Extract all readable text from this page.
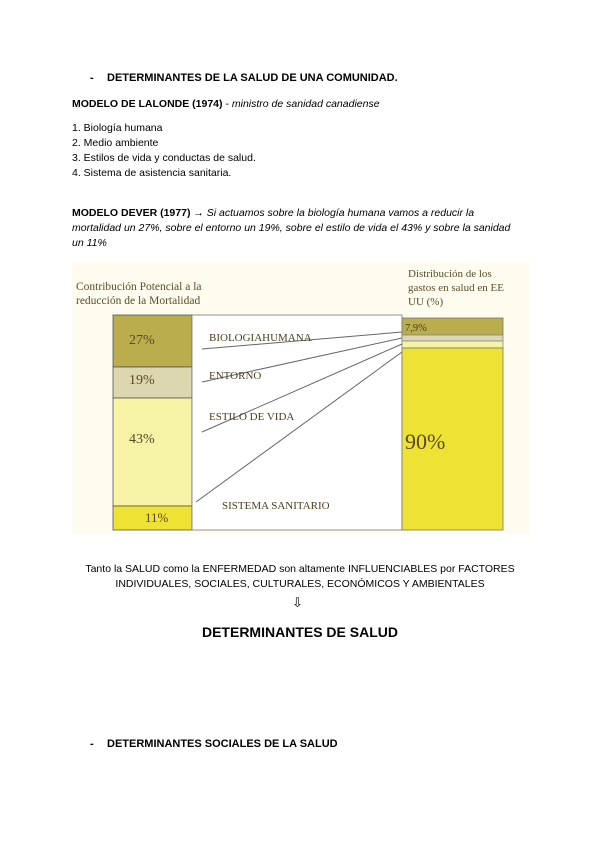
- DETERMINANTES DE LA SALUD DE UNA COMUNIDAD.
MODELO DE LALONDE (1974) - ministro de sanidad canadiense
1. Biología humana
2. Medio ambiente
3. Estilos de vida y conductas de salud.
4. Sistema de asistencia sanitaria.
MODELO DEVER (1977) → Si actuamos sobre la biología humana vamos a reducir la mortalidad un 27%, sobre el entorno un 19%, sobre el estilo de vida el 43% y sobre la sanidad un 11%
Contribución Potencial a la
reducción de la Mortalidad
Distribución de los
gastos en salud en EE
UU (%)
27%
19%
43%
11%
BIOLOGIAHUMANA
ENTORNO
ESTILO DE VIDA
SISTEMA SANITARIO
7,9%
90%
Tanto la SALUD como la ENFERMEDAD son altamente INFLUENCIABLES por FACTORES INDIVIDUALES, SOCIALES, CULTURALES, ECONÓMICOS Y AMBIENTALES
⇩
DETERMINANTES DE SALUD
- DETERMINANTES SOCIALES DE LA SALUD
